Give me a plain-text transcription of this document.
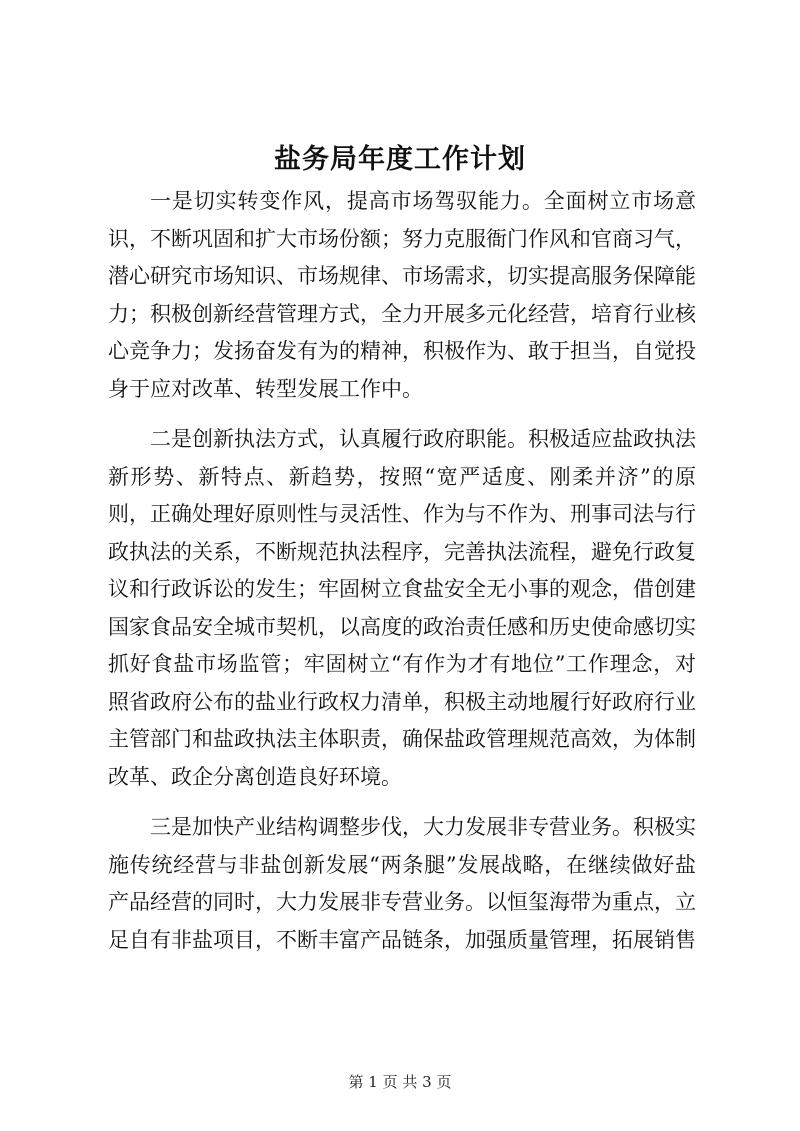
盐务局年度工作计划

一是切实转变作风，提高市场驾驭能力。全面树立市场意识，不断巩固和扩大市场份额；努力克服衙门作风和官商习气，潜心研究市场知识、市场规律、市场需求，切实提高服务保障能力；积极创新经营管理方式，全力开展多元化经营，培育行业核心竞争力；发扬奋发有为的精神，积极作为、敢于担当，自觉投身于应对改革、转型发展工作中。

二是创新执法方式，认真履行政府职能。积极适应盐政执法新形势、新特点、新趋势，按照“宽严适度、刚柔并济”的原则，正确处理好原则性与灵活性、作为与不作为、刑事司法与行政执法的关系，不断规范执法程序，完善执法流程，避免行政复议和行政诉讼的发生；牢固树立食盐安全无小事的观念，借创建国家食品安全城市契机，以高度的政治责任感和历史使命感切实抓好食盐市场监管；牢固树立“有作为才有地位”工作理念，对照省政府公布的盐业行政权力清单，积极主动地履行好政府行业主管部门和盐政执法主体职责，确保盐政管理规范高效，为体制改革、政企分离创造良好环境。

三是加快产业结构调整步伐，大力发展非专营业务。积极实施传统经营与非盐创新发展“两条腿”发展战略，在继续做好盐产品经营的同时，大力发展非专营业务。以恒玺海带为重点，立足自有非盐项目，不断丰富产品链条，加强质量管理，拓展销售

第 1 页 共 3 页
